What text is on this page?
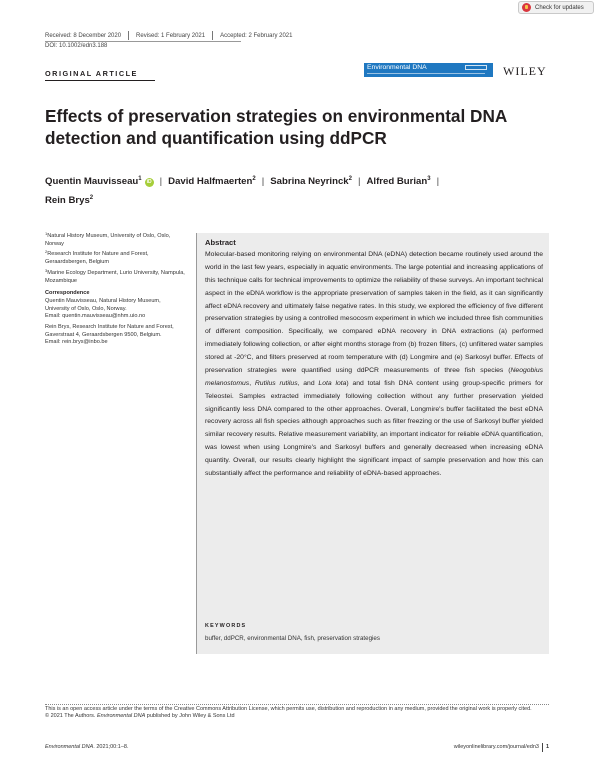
Check for updates
Received: 8 December 2020	Revised: 1 February 2021	Accepted: 2 February 2021
DOI: 10.1002/edn3.188
ORIGINAL ARTICLE
Environmental DNA	WILEY
Effects of preservation strategies on environmental DNA detection and quantification using ddPCR
Quentin Mauvisseau$^1$ iD | David Halfmaerten$^2$ | Sabrina Neyrinck$^2$ | Alfred Burian$^3$ |
Rein Brys$^2$

$^1$Natural History Museum, University of Oslo, Oslo, Norway

$^2$Research Institute for Nature and Forest, Geraardsbergen, Belgium

$^3$Marine Ecology Department, Lurio University, Nampula, Mozambique

Correspondence

Quentin Mauvisseau, Natural History Museum, University of Oslo, Oslo, Norway.
Email: quentin.mauvisseau@nhm.uio.no

Rein Brys, Research Institute for Nature and Forest, Gaverstraat 4, Geraardsbergen 9500, Belgium.
Email: rein.brys@inbo.be

Abstract

Molecular-based monitoring relying on environmental DNA (eDNA) detection became routinely used around the world in the last few years, especially in aquatic environments. The large potential and increasing applications of this technique calls for technical improvements to optimize the reliability of these surveys. An important technical aspect in the eDNA workflow is the appropriate preservation of samples taken in the field, as it can significantly affect eDNA recovery and ultimately false negative rates. In this study, we explored the efficiency of five different preservation strategies by using a controlled mesocosm experiment in which we included three fish communities of different composition. Specifically, we compared eDNA recovery in DNA extractions (a) performed immediately following collection, or after eight months storage from (b) frozen filters, (c) unfiltered water samples stored at -20°C, and filters preserved at room temperature with (d) Longmire and (e) Sarkosyl buffer. Effects of preservation strategies were quantified using ddPCR measurements of three fish species (Neogobius melanostomus, Rutilus rutilus, and Lota lota) and total fish DNA content using group-specific primers for Teleostei. Samples extracted immediately following collection without any further preservation yielded significantly less DNA compared to the other approaches. Overall, Longmire's buffer facilitated the best eDNA recovery across all fish species although approaches such as filter freezing or the use of Sarkosyl buffer yielded similar recovery results. Relative measurement variability, an important indicator for reliable eDNA quantification, was lowest when using Longmire's and Sarkosyl buffers and generally decreased when increasing eDNA quantity. Overall, our results clearly highlight the significant impact of sample preservation and how this can substantially affect the performance and reliability of eDNA-based approaches.

KEYWORDS
buffer, ddPCR, environmental DNA, fish, preservation strategies
This is an open access article under the terms of the Creative Commons Attribution License, which permits use, distribution and reproduction in any medium, provided the original work is properly cited.
© 2021 The Authors. Environmental DNA published by John Wiley & Sons Ltd
Environmental DNA. 2021;00:1–8.	wileyonlinelibrary.com/journal/edn3 1
